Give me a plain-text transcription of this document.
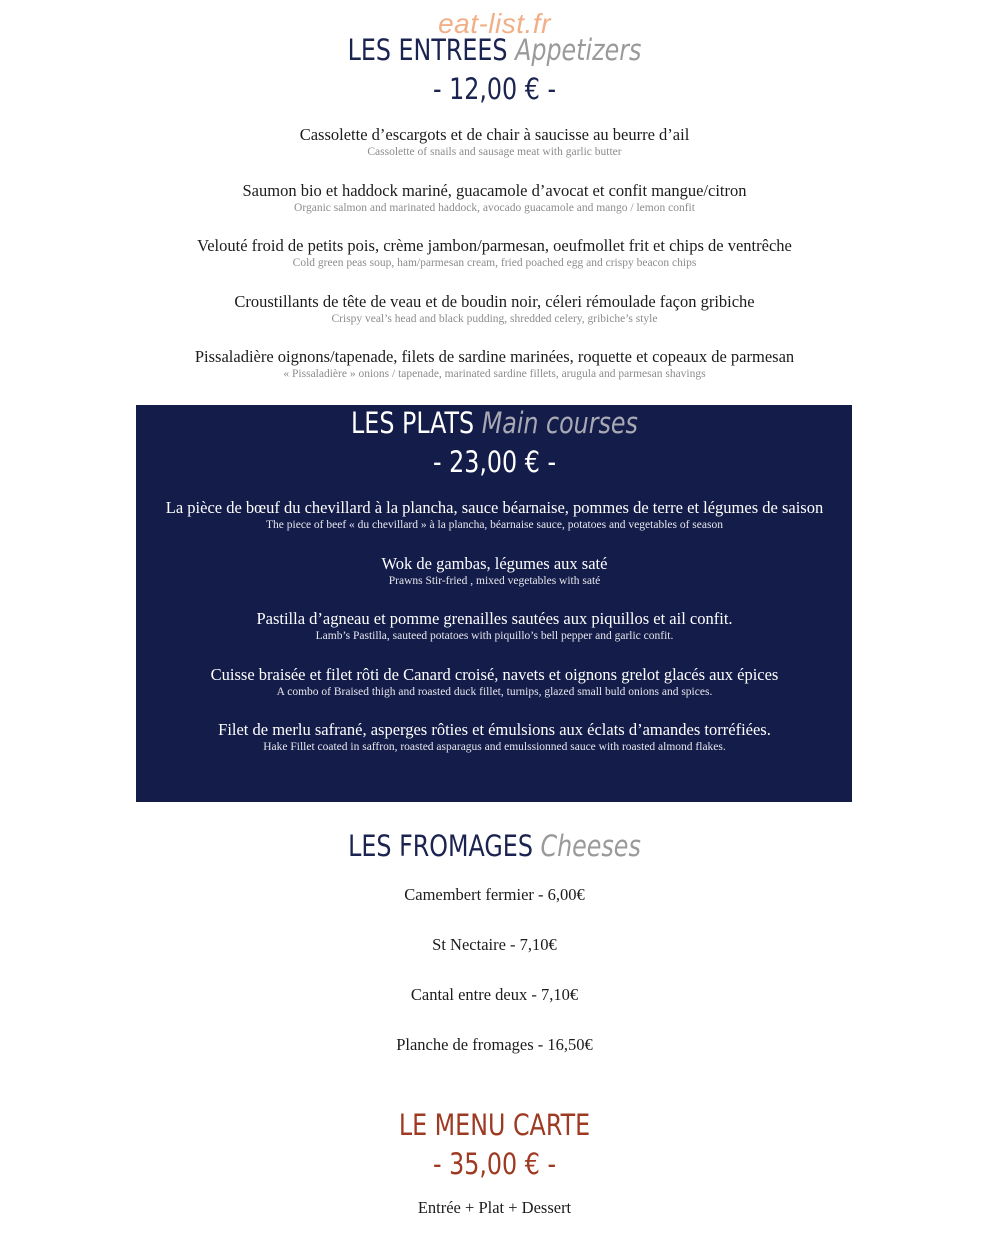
eat-list.fr
LES ENTREES Appetizers
- 12,00 € -
Cassolette d’escargots et de chair à saucisse au beurre d’ail
Cassolette of snails and sausage meat with garlic butter
Saumon bio et haddock mariné, guacamole d’avocat et confit mangue/citron
Organic salmon and marinated haddock, avocado guacamole and mango / lemon confit
Velouté froid de petits pois, crème jambon/parmesan, oeufmollet frit et chips de ventrêche
Cold green peas soup, ham/parmesan cream, fried poached egg and crispy beacon chips
Croustillants de tête de veau et de boudin noir, céleri rémoulade façon gribiche
Crispy veal’s head and black pudding, shredded celery, gribiche’s style
Pissaladière oignons/tapenade, filets de sardine marinées, roquette et copeaux de parmesan
« Pissaladière » onions / tapenade, marinated sardine fillets, arugula and parmesan shavings
LES PLATS Main courses
- 23,00 € -
La pièce de bœuf du chevillard à la plancha, sauce béarnaise, pommes de terre et légumes de saison
The piece of beef « du chevillard » à la plancha, béarnaise sauce, potatoes and vegetables of season
Wok de gambas, légumes aux saté
Prawns Stir-fried , mixed vegetables with saté
Pastilla d’agneau et pomme grenailles sautées aux piquillos et ail confit.
Lamb’s Pastilla, sauteed potatoes with piquillo’s bell pepper and garlic confit.
Cuisse braisée et filet rôti de Canard croisé, navets et oignons grelot glacés aux épices
A combo of Braised thigh and roasted duck fillet, turnips, glazed small buld onions and spices.
Filet de merlu safrané, asperges rôties et émulsions aux éclats d’amandes torréfiées.
Hake Fillet coated in saffron, roasted asparagus and emulssionned sauce with roasted almond flakes.
LES FROMAGES Cheeses
Camembert fermier - 6,00€
St Nectaire - 7,10€
Cantal entre deux - 7,10€
Planche de fromages - 16,50€
LE MENU CARTE
- 35,00 € -
Entrée + Plat + Dessert
